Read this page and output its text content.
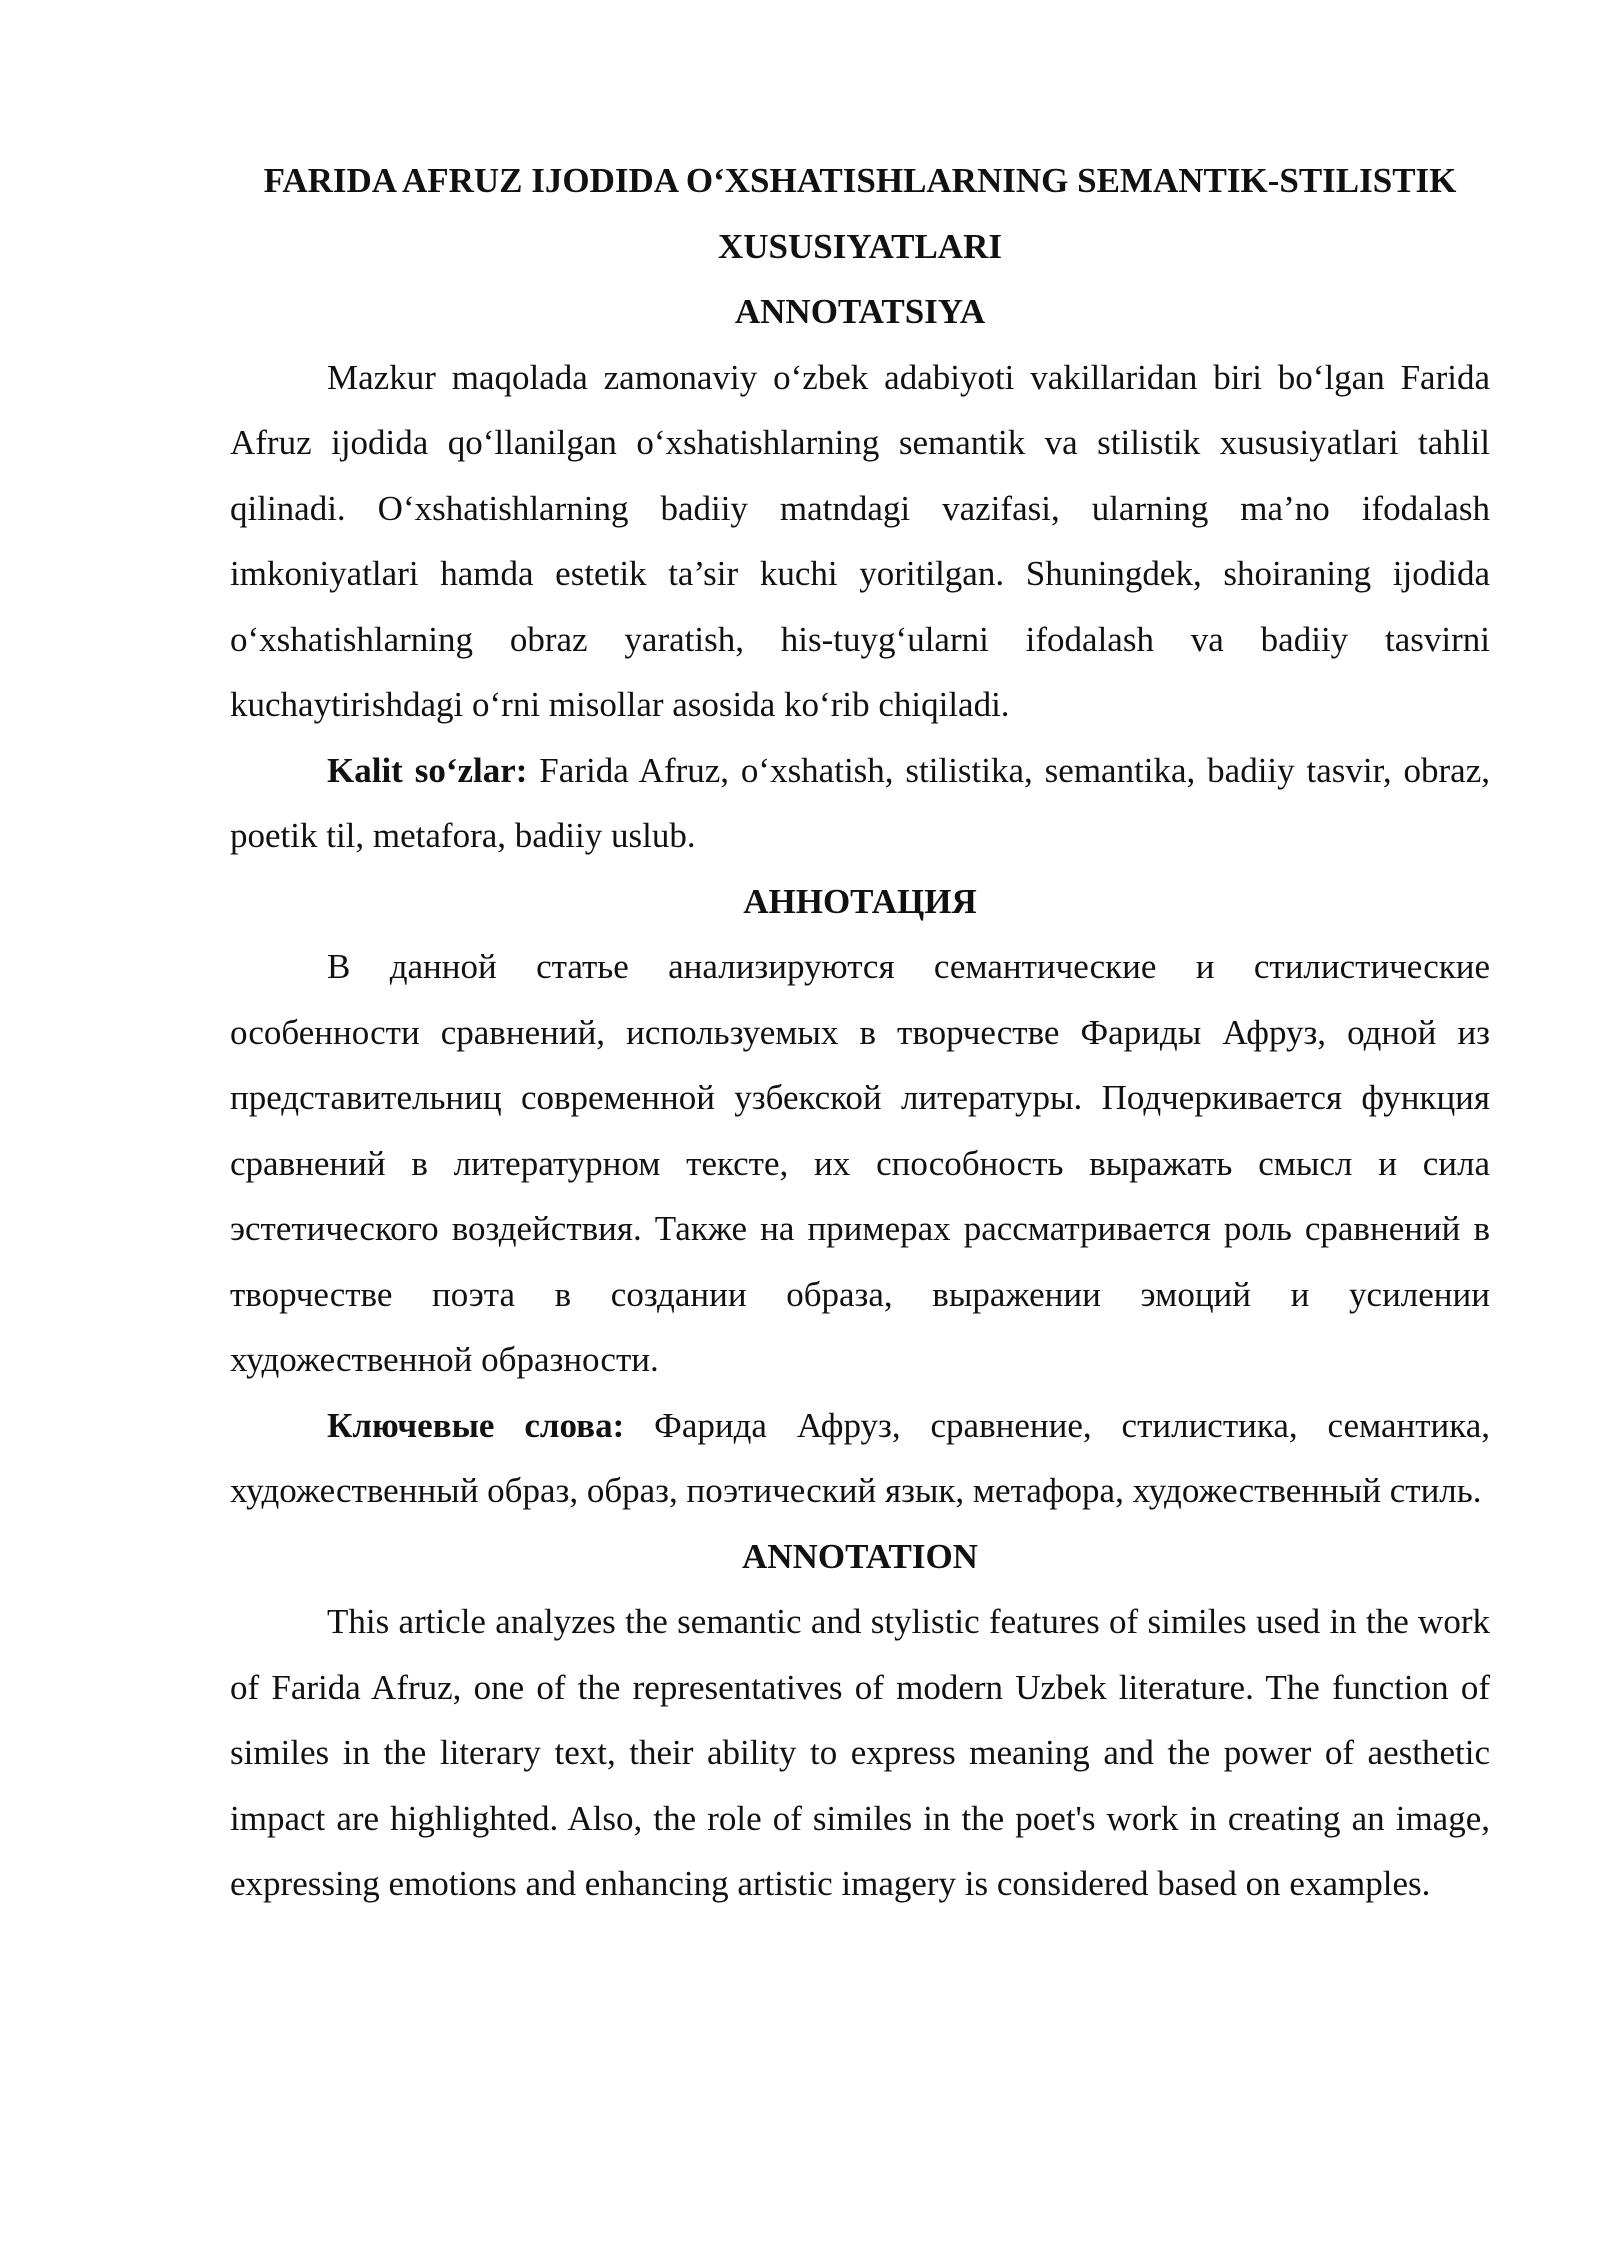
FARIDA AFRUZ IJODIDA O‘XSHATISHLARNING SEMANTIK-STILISTIK XUSUSIYATLARI
ANNOTATSIYA

Mazkur maqolada zamonaviy o‘zbek adabiyoti vakillaridan biri bo‘lgan Farida Afruz ijodida qo‘llanilgan o‘xshatishlarning semantik va stilistik xususiyatlari tahlil qilinadi. O‘xshatishlarning badiiy matndagi vazifasi, ularning ma’no ifodalash imkoniyatlari hamda estetik ta’sir kuchi yoritilgan. Shuningdek, shoiraning ijodida o‘xshatishlarning obraz yaratish, his-tuyg‘ularni ifodalash va badiiy tasvirni kuchaytirishdagi o‘rni misollar asosida ko‘rib chiqiladi.

Kalit so‘zlar: Farida Afruz, o‘xshatish, stilistika, semantika, badiiy tasvir, obraz, poetik til, metafora, badiiy uslub.

АННОТАЦИЯ

В данной статье анализируются семантические и стилистические особенности сравнений, используемых в творчестве Фариды Афруз, одной из представительниц современной узбекской литературы. Подчеркивается функция сравнений в литературном тексте, их способность выражать смысл и сила эстетического воздействия. Также на примерах рассматривается роль сравнений в творчестве поэта в создании образа, выражении эмоций и усилении художественной образности.

Ключевые слова: Фарида Афруз, сравнение, стилистика, семантика, художественный образ, образ, поэтический язык, метафора, художественный стиль.

ANNOTATION

This article analyzes the semantic and stylistic features of similes used in the work of Farida Afruz, one of the representatives of modern Uzbek literature. The function of similes in the literary text, their ability to express meaning and the power of aesthetic impact are highlighted. Also, the role of similes in the poet's work in creating an image, expressing emotions and enhancing artistic imagery is considered based on examples.
